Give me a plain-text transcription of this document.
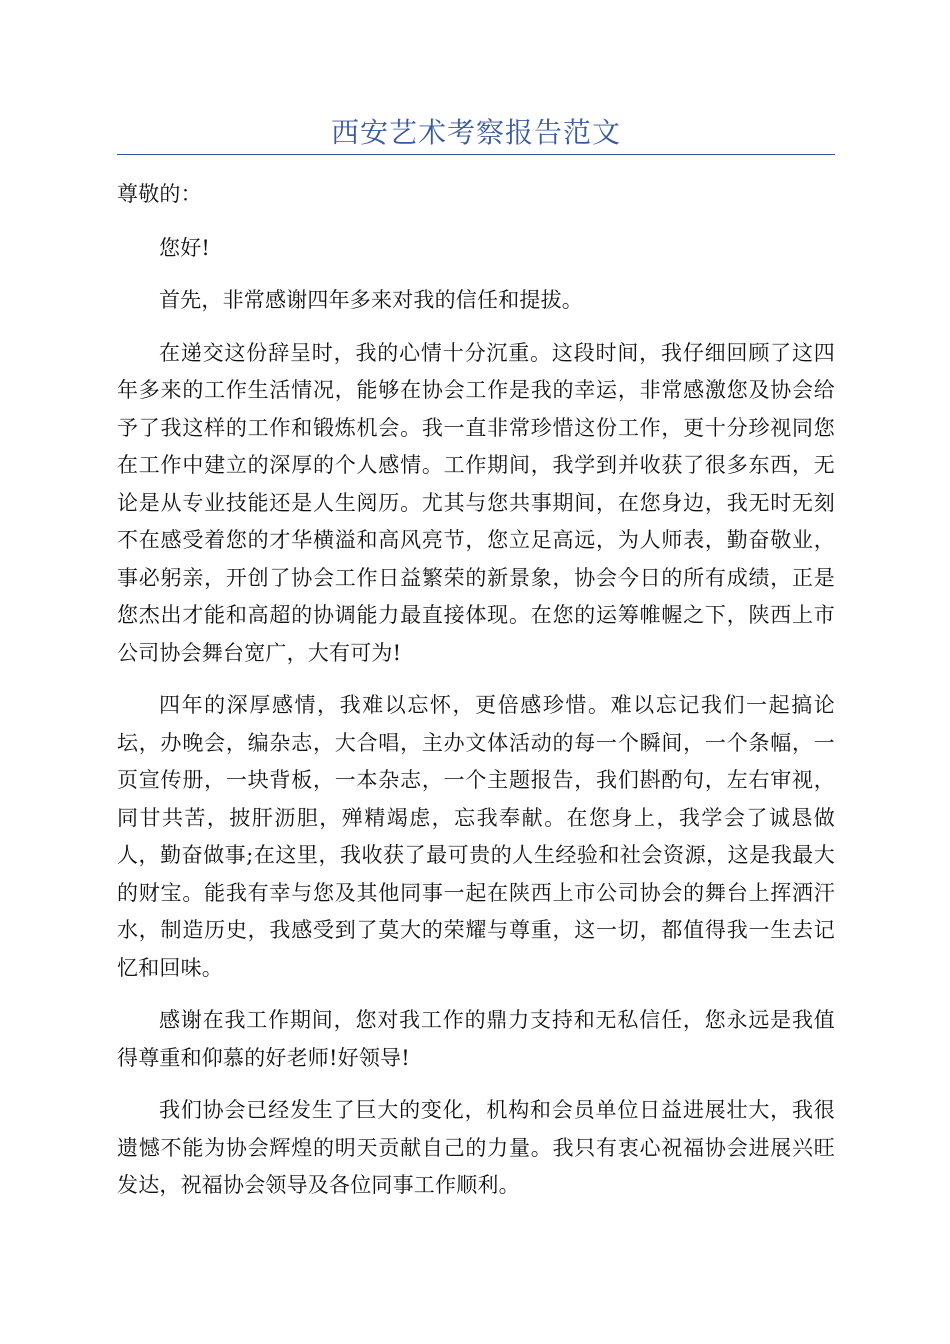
西安艺术考察报告范文

尊敬的：

您好!

首先，非常感谢四年多来对我的信任和提拔。

在递交这份辞呈时，我的心情十分沉重。这段时间，我仔细回顾了这四年多来的工作生活情况，能够在协会工作是我的幸运，非常感激您及协会给予了我这样的工作和锻炼机会。我一直非常珍惜这份工作，更十分珍视同您在工作中建立的深厚的个人感情。工作期间，我学到并收获了很多东西，无论是从专业技能还是人生阅历。尤其与您共事期间，在您身边，我无时无刻不在感受着您的才华横溢和高风亮节，您立足高远，为人师表，勤奋敬业，事必躬亲，开创了协会工作日益繁荣的新景象，协会今日的所有成绩，正是您杰出才能和高超的协调能力最直接体现。在您的运筹帷幄之下，陕西上市公司协会舞台宽广，大有可为!

四年的深厚感情，我难以忘怀，更倍感珍惜。难以忘记我们一起搞论坛，办晚会，编杂志，大合唱，主办文体活动的每一个瞬间，一个条幅，一页宣传册，一块背板，一本杂志，一个主题报告，我们斟酌句，左右审视，同甘共苦，披肝沥胆，殚精竭虑，忘我奉献。在您身上，我学会了诚恳做人，勤奋做事;在这里，我收获了最可贵的人生经验和社会资源，这是我最大的财宝。能我有幸与您及其他同事一起在陕西上市公司协会的舞台上挥洒汗水，制造历史，我感受到了莫大的荣耀与尊重，这一切，都值得我一生去记忆和回味。

感谢在我工作期间，您对我工作的鼎力支持和无私信任，您永远是我值得尊重和仰慕的好老师!好领导!

我们协会已经发生了巨大的变化，机构和会员单位日益进展壮大，我很遗憾不能为协会辉煌的明天贡献自己的力量。我只有衷心祝福协会进展兴旺发达，祝福协会领导及各位同事工作顺利。
